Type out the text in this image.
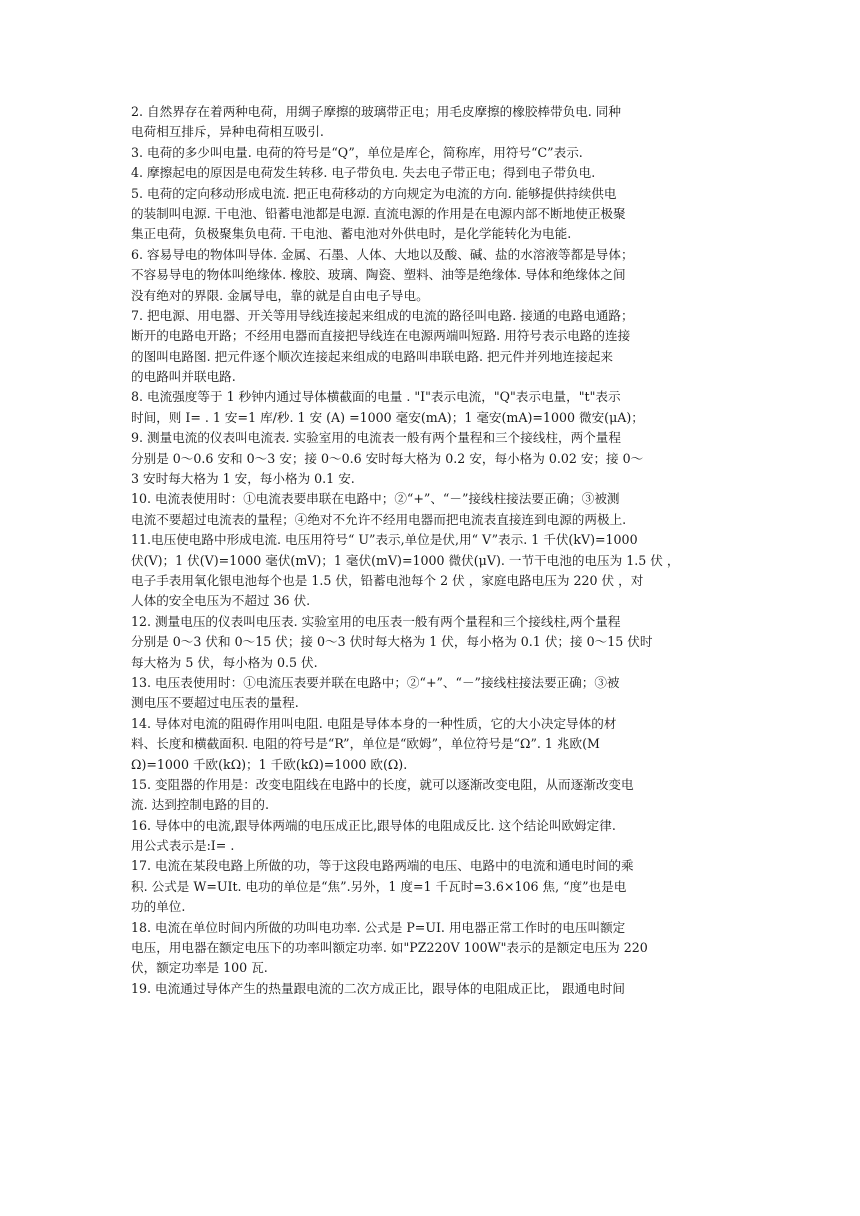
2. 自然界存在着两种电荷，用绸子摩擦的玻璃带正电；用毛皮摩擦的橡胶棒带负电. 同种
电荷相互排斥，异种电荷相互吸引.
3. 电荷的多少叫电量. 电荷的符号是“Q”，单位是库仑，简称库，用符号“C”表示.
4. 摩擦起电的原因是电荷发生转移. 电子带负电. 失去电子带正电；得到电子带负电.
5. 电荷的定向移动形成电流. 把正电荷移动的方向规定为电流的方向. 能够提供持续供电
的装制叫电源. 干电池、铅蓄电池都是电源. 直流电源的作用是在电源内部不断地使正极聚
集正电荷，负极聚集负电荷. 干电池、蓄电池对外供电时，是化学能转化为电能.
6. 容易导电的物体叫导体. 金属、石墨、人体、大地以及酸、碱、盐的水溶液等都是导体；
不容易导电的物体叫绝缘体. 橡胶、玻璃、陶瓷、塑料、油等是绝缘体. 导体和绝缘体之间
没有绝对的界限. 金属导电，靠的就是自由电子导电。
7. 把电源、用电器、开关等用导线连接起来组成的电流的路径叫电路. 接通的电路电通路；
断开的电路电开路；不经用电器而直接把导线连在电源两端叫短路. 用符号表示电路的连接
的图叫电路图. 把元件逐个顺次连接起来组成的电路叫串联电路. 把元件并列地连接起来
的电路叫并联电路.
8. 电流强度等于 1 秒钟内通过导体横截面的电量 . "I"表示电流，"Q"表示电量，"t"表示
时间，则 I= . 1 安=1 库/秒. 1 安 (A) =1000 毫安(mA)；1 毫安(mA)=1000 微安(μA)；
9. 测量电流的仪表叫电流表. 实验室用的电流表一般有两个量程和三个接线柱，两个量程
分别是 0～0.6 安和 0～3 安；接 0～0.6 安时每大格为 0.2 安，每小格为 0.02 安；接 0～
3 安时每大格为 1 安，每小格为 0.1 安.
10. 电流表使用时：①电流表要串联在电路中；②“+”、“－”接线柱接法要正确；③被测
电流不要超过电流表的量程；④绝对不允许不经用电器而把电流表直接连到电源的两极上.
11.电压使电路中形成电流. 电压用符号“ U”表示,单位是伏,用“ V”表示. 1 千伏(kV)=1000
伏(V)；1 伏(V)=1000 毫伏(mV)；1 毫伏(mV)=1000 微伏(μV). 一节干电池的电压为 1.5 伏 ，
电子手表用氧化银电池每个也是 1.5 伏，铅蓄电池每个 2 伏 ，家庭电路电压为 220 伏 ，对
人体的安全电压为不超过 36 伏.
12. 测量电压的仪表叫电压表. 实验室用的电压表一般有两个量程和三个接线柱,两个量程
分别是 0～3 伏和 0～15 伏；接 0～3 伏时每大格为 1 伏，每小格为 0.1 伏；接 0～15 伏时
每大格为 5 伏，每小格为 0.5 伏.
13. 电压表使用时：①电流压表要并联在电路中；②“+”、“－”接线柱接法要正确；③被
测电压不要超过电压表的量程.
14. 导体对电流的阻碍作用叫电阻. 电阻是导体本身的一种性质，它的大小决定导体的材
料、长度和横截面积. 电阻的符号是“R”，单位是“欧姆”，单位符号是“Ω”. 1 兆欧(M
Ω)=1000 千欧(kΩ)；1 千欧(kΩ)=1000 欧(Ω).
15. 变阻器的作用是：改变电阻线在电路中的长度，就可以逐渐改变电阻，从而逐渐改变电
流. 达到控制电路的目的.
16. 导体中的电流,跟导体两端的电压成正比,跟导体的电阻成反比. 这个结论叫欧姆定律.
用公式表示是:I= .
17. 电流在某段电路上所做的功，等于这段电路两端的电压、电路中的电流和通电时间的乘
积. 公式是 W=UIt. 电功的单位是“焦”.另外，1 度=1 千瓦时=3.6×106 焦, “度”也是电
功的单位.
18. 电流在单位时间内所做的功叫电功率. 公式是 P=UI. 用电器正常工作时的电压叫额定
电压，用电器在额定电压下的功率叫额定功率. 如"PZ220V 100W"表示的是额定电压为 220
伏，额定功率是 100 瓦.
19. 电流通过导体产生的热量跟电流的二次方成正比，跟导体的电阻成正比， 跟通电时间
